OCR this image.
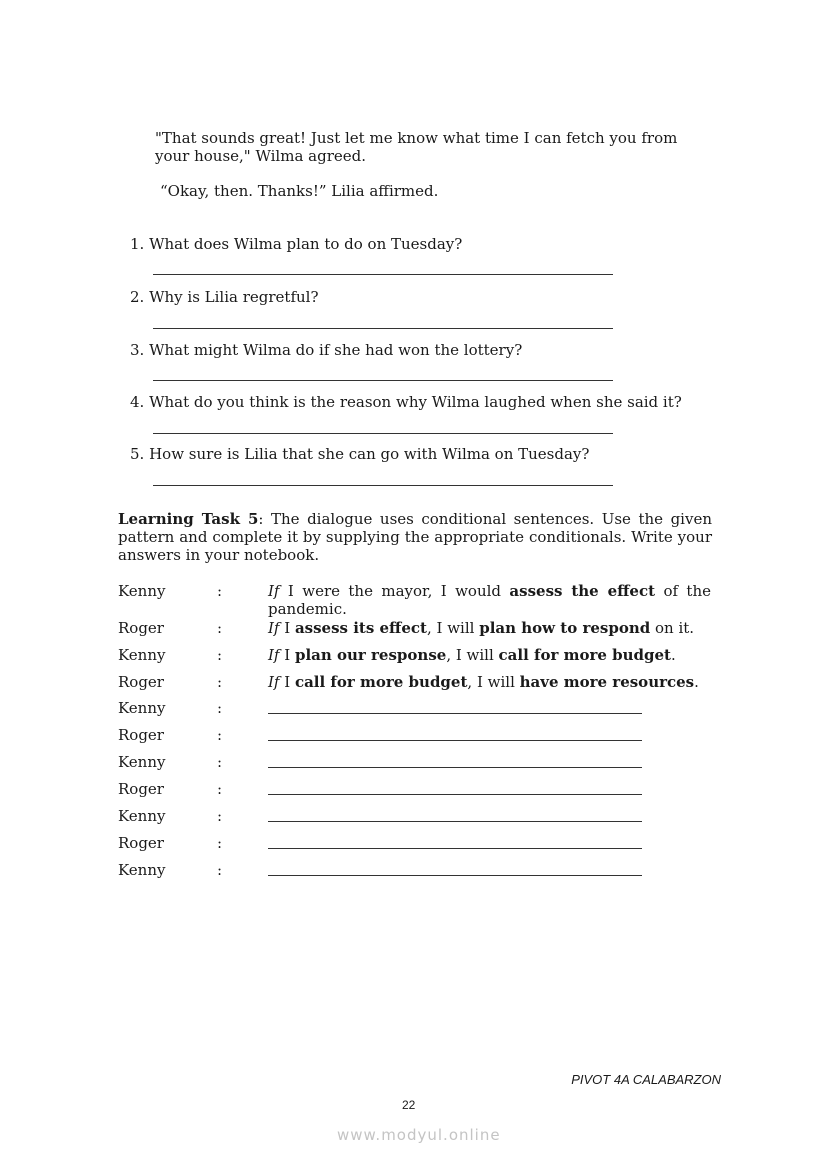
"That sounds great! Just let me know what time I can fetch you from
your house," Wilma agreed.
“Okay, then. Thanks!” Lilia affirmed.
1. What does Wilma plan to do on Tuesday?
2. Why is Lilia regretful?
3. What might Wilma do if she had won the lottery?
4. What do you think is the reason why Wilma laughed when she said it?
5. How sure is Lilia that she can go with Wilma on Tuesday?
Learning Task 5: The dialogue uses conditional sentences. Use the given pattern and complete it by supplying the appropriate conditionals. Write your answers in your notebook.
Kenny	:	If I were the mayor, I would assess the effect of the pandemic.
Roger	:	If I assess its effect, I will plan how to respond on it.
Kenny	:	If I plan our response, I will call for more budget.
Roger	:	If I call for more budget, I will have more resources.
Kenny	:
Roger	:
Kenny	:
Roger	:
Kenny	:
Roger	:
Kenny	:
PIVOT 4A CALABARZON
22
www.modyul.online
